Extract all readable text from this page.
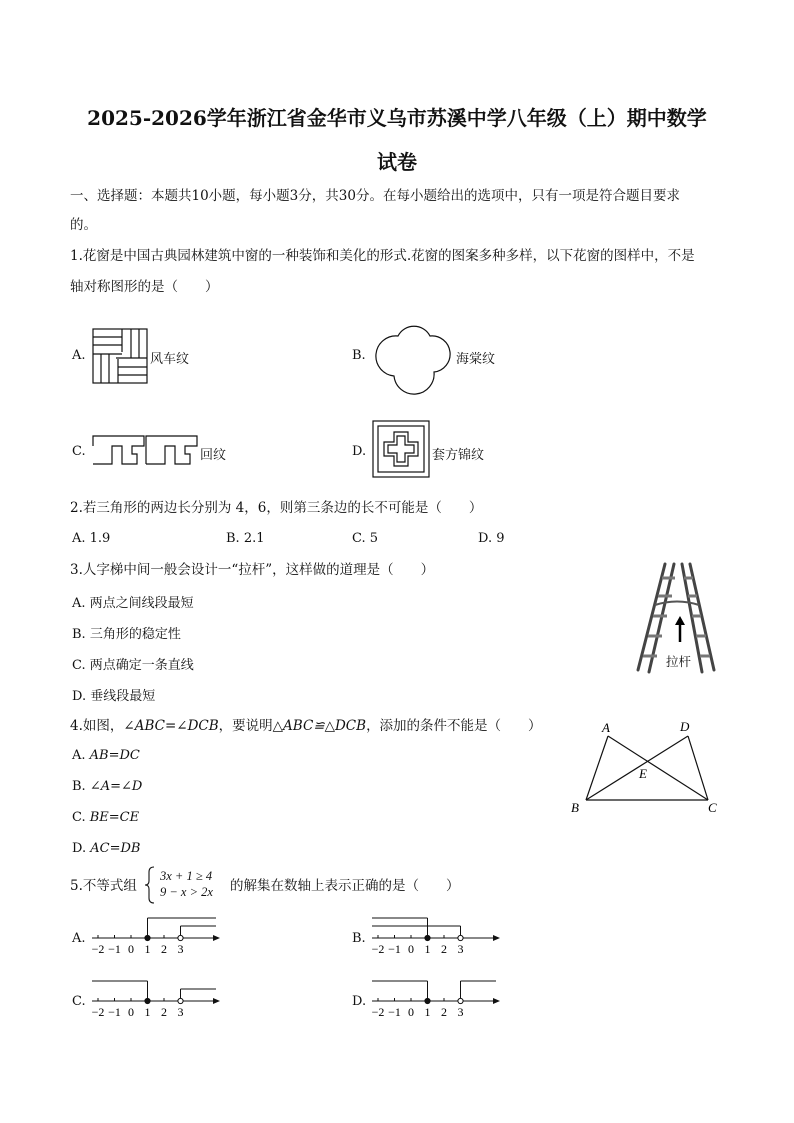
2025-2026学年浙江省金华市义乌市苏溪中学八年级（上）期中数学
试卷
一、选择题：本题共10小题，每小题3分，共30分。在每小题给出的选项中，只有一项是符合题目要求
的。
1.花窗是中国古典园林建筑中窗的一种装饰和美化的形式.花窗的图案多种多样，以下花窗的图样中，不是
轴对称图形的是（　　）
A.	风车纹	B.	海棠纹
C.	回纹	D.	套方锦纹
2.若三角形的两边长分别为 4，6，则第三条边的长不可能是（　　）
A. 1.9	B. 2.1	C. 5	D. 9
3.人字梯中间一般会设计一“拉杆”，这样做的道理是（　　）
A. 两点之间线段最短
B. 三角形的稳定性
C. 两点确定一条直线
D. 垂线段最短
拉杆
4.如图，∠ABC=∠DCB，要说明△ABC≌△DCB，添加的条件不能是（　　）
A. AB=DC
B. ∠A=∠D
C. BE=CE
D. AC=DB
A	D
E
B	C
5.不等式组
3x + 1 ≥ 4
9 − x > 2x 的解集在数轴上表示正确的是（　　）
A.	B.
C.	D.
−2 −1 0 1 2 3	−2 −1 0 1 2 3
−2 −1 0 1 2 3	−2 −1 0 1 2 3
